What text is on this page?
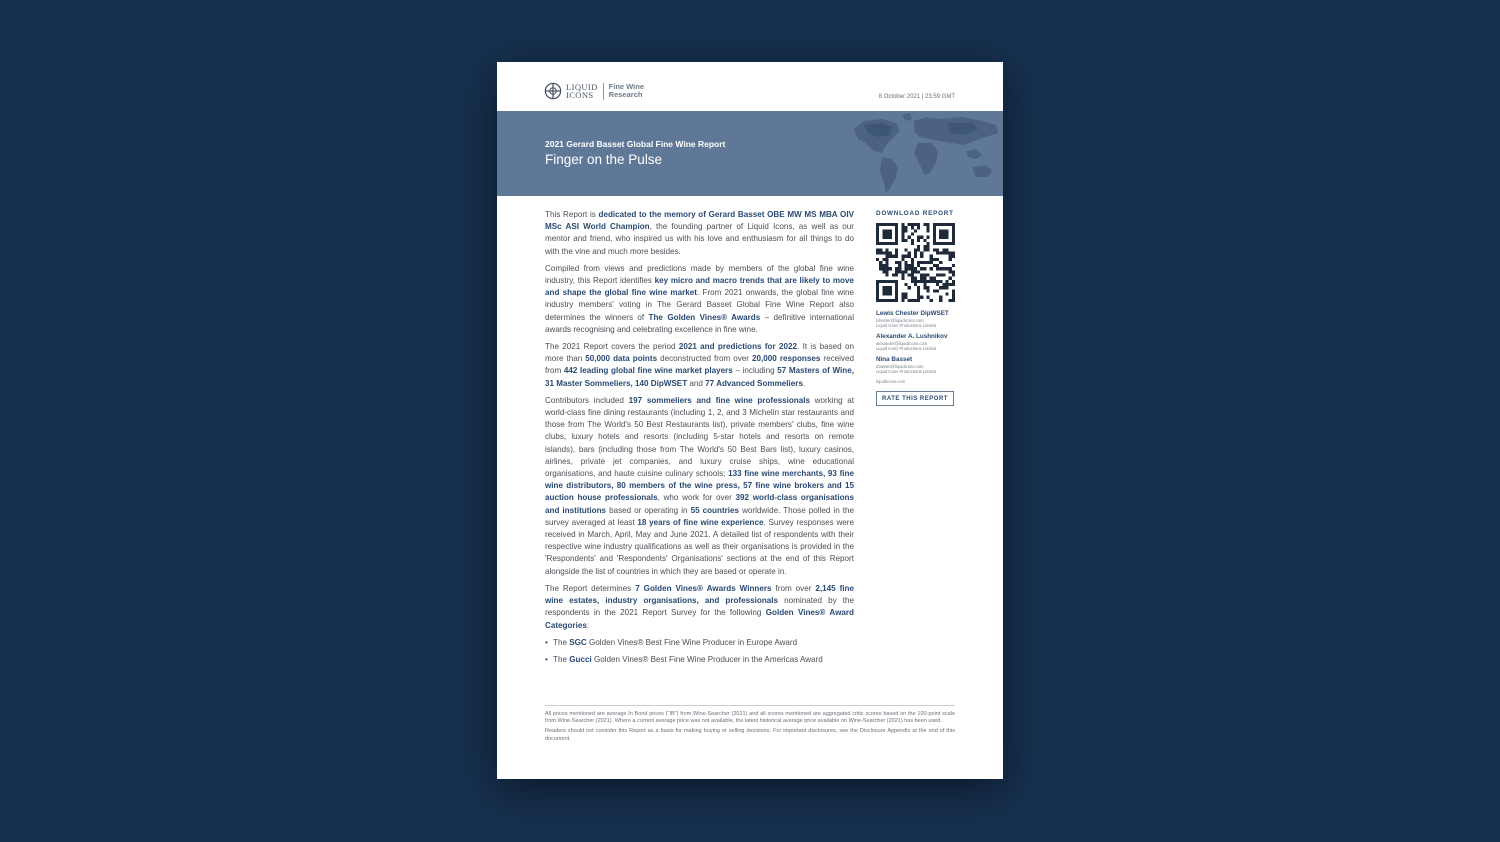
LIQUID
ICONS
Fine Wine
Research	8 October 2021 | 23:59 GMT
2021 Gerard Basset Global Fine Wine Report
Finger on the Pulse

This Report is dedicated to the memory of Gerard Basset OBE MW MS MBA OIV MSc ASI World Champion, the founding partner of Liquid Icons, as well as our mentor and friend, who inspired us with his love and enthusiasm for all things to do with the vine and much more besides.

Compiled from views and predictions made by members of the global fine wine industry, this Report identifies key micro and macro trends that are likely to move and shape the global fine wine market. From 2021 onwards, the global fine wine industry members' voting in The Gerard Basset Global Fine Wine Report also determines the winners of The Golden Vines® Awards – definitive international awards recognising and celebrating excellence in fine wine.

The 2021 Report covers the period 2021 and predictions for 2022. It is based on more than 50,000 data points deconstructed from over 20,000 responses received from 442 leading global fine wine market players – including 57 Masters of Wine, 31 Master Sommeliers, 140 DipWSET and 77 Advanced Sommeliers.

Contributors included 197 sommeliers and fine wine professionals working at world-class fine dining restaurants (including 1, 2, and 3 Michelin star restaurants and those from The World's 50 Best Restaurants list), private members' clubs, fine wine clubs, luxury hotels and resorts (including 5-star hotels and resorts on remote islands), bars (including those from The World's 50 Best Bars list), luxury casinos, airlines, private jet companies, and luxury cruise ships, wine educational organisations, and haute cuisine culinary schools; 133 fine wine merchants, 93 fine wine distributors, 80 members of the wine press, 57 fine wine brokers and 15 auction house professionals, who work for over 392 world-class organisations and institutions based or operating in 55 countries worldwide. Those polled in the survey averaged at least 18 years of fine wine experience. Survey responses were received in March, April, May and June 2021. A detailed list of respondents with their respective wine industry qualifications as well as their organisations is provided in the 'Respondents' and 'Respondents' Organisations' sections at the end of this Report alongside the list of countries in which they are based or operate in.

The Report determines 7 Golden Vines® Awards Winners from over 2,145 fine wine estates, industry organisations, and professionals nominated by the respondents in the 2021 Report Survey for the following Golden Vines® Award Categories:

• The SGC Golden Vines® Best Fine Wine Producer in Europe Award
• The Gucci Golden Vines® Best Fine Wine Producer in the Americas Award
DOWNLOAD REPORT
Lewis Chester DipWSET
lchester@liquidicons.com
Liquid Icons Productions Limited
Alexander A. Lushnikov
alexander@liquidicons.com
Liquid Icons Productions Limited
Nina Basset
nbasset@liquidicons.com
Liquid Icons Productions Limited
liquidicons.com
RATE THIS REPORT

All prices mentioned are average In Bond prices ("IB") from Wine-Searcher (2021) and all scores mentioned are aggregated critic scores based on the 100-point scale from Wine-Searcher (2021). Where a current average price was not available, the latest historical average price available on Wine-Searcher (2021) has been used.

Readers should not consider this Report as a basis for making buying or selling decisions. For important disclosures, see the Disclosure Appendix at the end of this document.
